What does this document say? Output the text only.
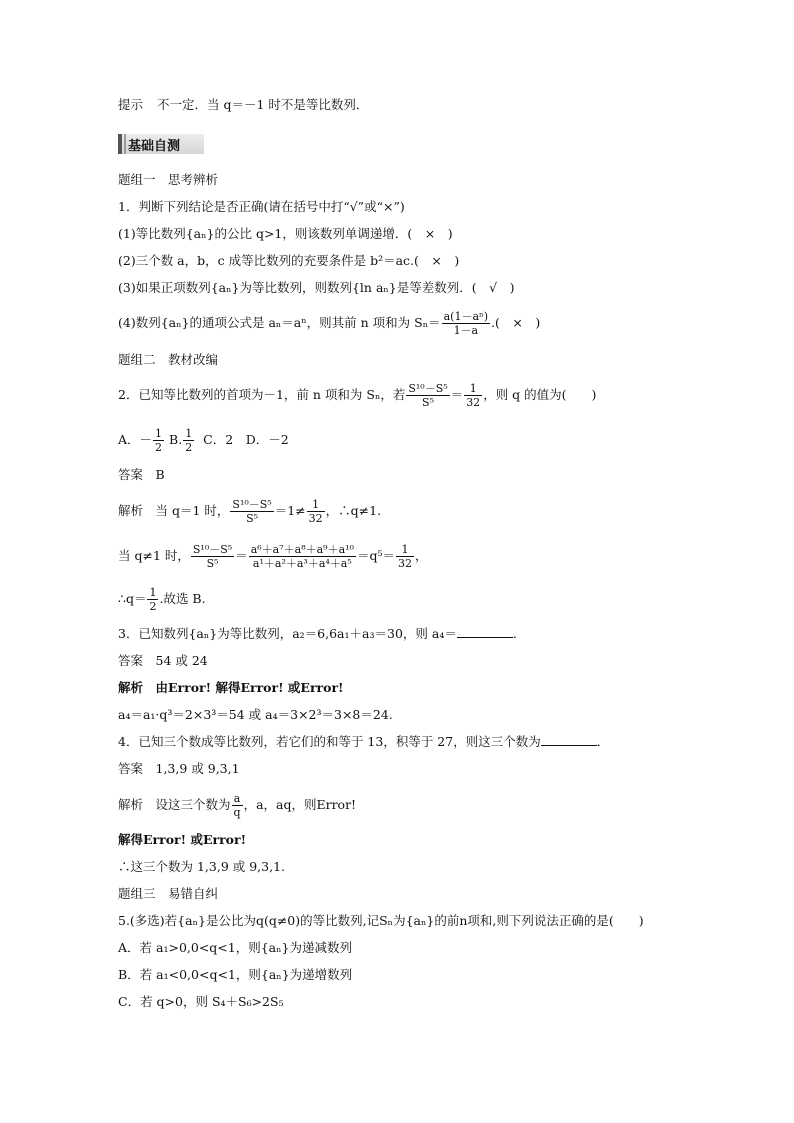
提示 不一定．当 q＝－1 时不是等比数列．
基础自测
题组一　思考辨析
1．判断下列结论是否正确(请在括号中打“√”或“×”)
(1)等比数列{aₙ}的公比 q>1，则该数列单调递增．(　×　)
(2)三个数 a，b，c 成等比数列的充要条件是 b²＝ac.(　×　)
(3)如果正项数列{aₙ}为等比数列，则数列{ln aₙ}是等差数列．(　√　)
(4)数列{aₙ}的通项公式是 aₙ＝aⁿ，则其前 n 项和为 $S_n= \frac{\text{a(1－aⁿ)}}{1-a}$ .(　×　)
题组二　教材改编
2．已知等比数列的首项为－1，前 n 项和为 Sₙ，若 $\frac{\text{S¹⁰－S⁵}}{\text{S⁵}} = \frac{1}{32}$ ，则 q 的值为(　　)
A．－ $\frac{1}{2} B$. $\frac{1}{2}$ C．2　D．－2
答案　B
解析　当 q＝1 时， $\frac{\text{S¹⁰－S⁵}}{\text{S⁵}} =1\ne \frac{1}{32}$ ，∴q≠1.
当 q≠1 时， $\frac{\text{S¹⁰－S⁵}}{\text{S⁵}} = \frac{\text{a⁶＋a⁷＋a⁸＋a⁹＋a¹⁰}}{\text{a¹＋a²＋a³＋a⁴＋a⁵}} =q^5= \frac{1}{32}$ ，
∴q＝ $\frac{1}{2}$ .故选 B.
3．已知数列{aₙ}为等比数列，a₂＝6,6a₁＋a₃＝30，则 a₄＝	.
答案　54 或 24
解析　由Error! 解得Error! 或Error!
a₄＝a₁·q³＝2×3³＝54 或 a₄＝3×2³＝3×8＝24.
4．已知三个数成等比数列，若它们的和等于 13，积等于 27，则这三个数为	．
答案　1,3,9 或 9,3,1
解析　设这三个数为 $\frac{a}{q}$ ，a，aq，则Error!
解得Error! 或Error!
∴这三个数为 1,3,9 或 9,3,1.
题组三　易错自纠
5.(多选)若{aₙ}是公比为q(q≠0)的等比数列,记Sₙ为{aₙ}的前n项和,则下列说法正确的是(　　)
A．若 a₁>0,0<q<1，则{aₙ}为递减数列
B．若 a₁<0,0<q<1，则{aₙ}为递增数列
C．若 q>0，则 S₄＋S₆>2S₅
